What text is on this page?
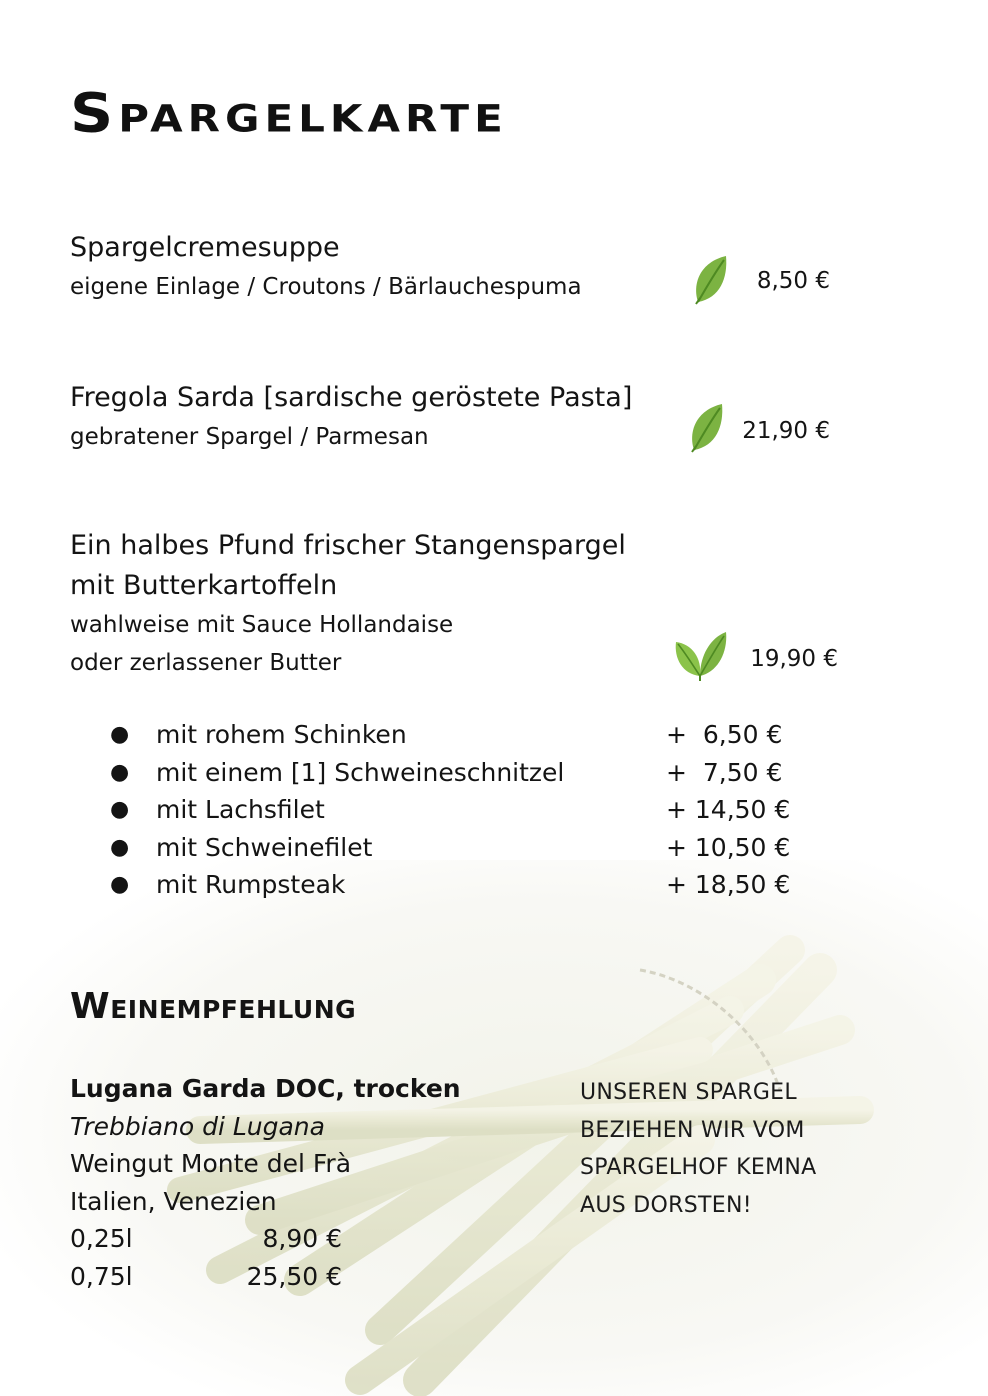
Spargelkarte

Spargelcremesuppe

eigene Einlage / Croutons / Bärlauchespuma	8,50 €

Fregola Sarda [sardische geröstete Pasta]

gebratener Spargel / Parmesan	21,90 €

Ein halbes Pfund frischer Stangenspargel

mit Butterkartoffeln

wahlweise mit Sauce Hollandaise

oder zerlassener Butter	19,90 €
● mit rohem Schinken	+  6,50 €
● mit einem [1] Schweineschnitzel	+  7,50 €
● mit Lachsfilet	+ 14,50 €
● mit Schweinefilet	+ 10,50 €
● mit Rumpsteak	+ 18,50 €
Weinempfehlung
Lugana Garda DOC, trocken
Trebbiano di Lugana
Weingut Monte del Frà
Italien, Venezien
0,25l	8,90 €
0,75l	25,50 €
UNSEREN SPARGEL
BEZIEHEN WIR VOM
SPARGELHOF KEMNA
AUS DORSTEN!
